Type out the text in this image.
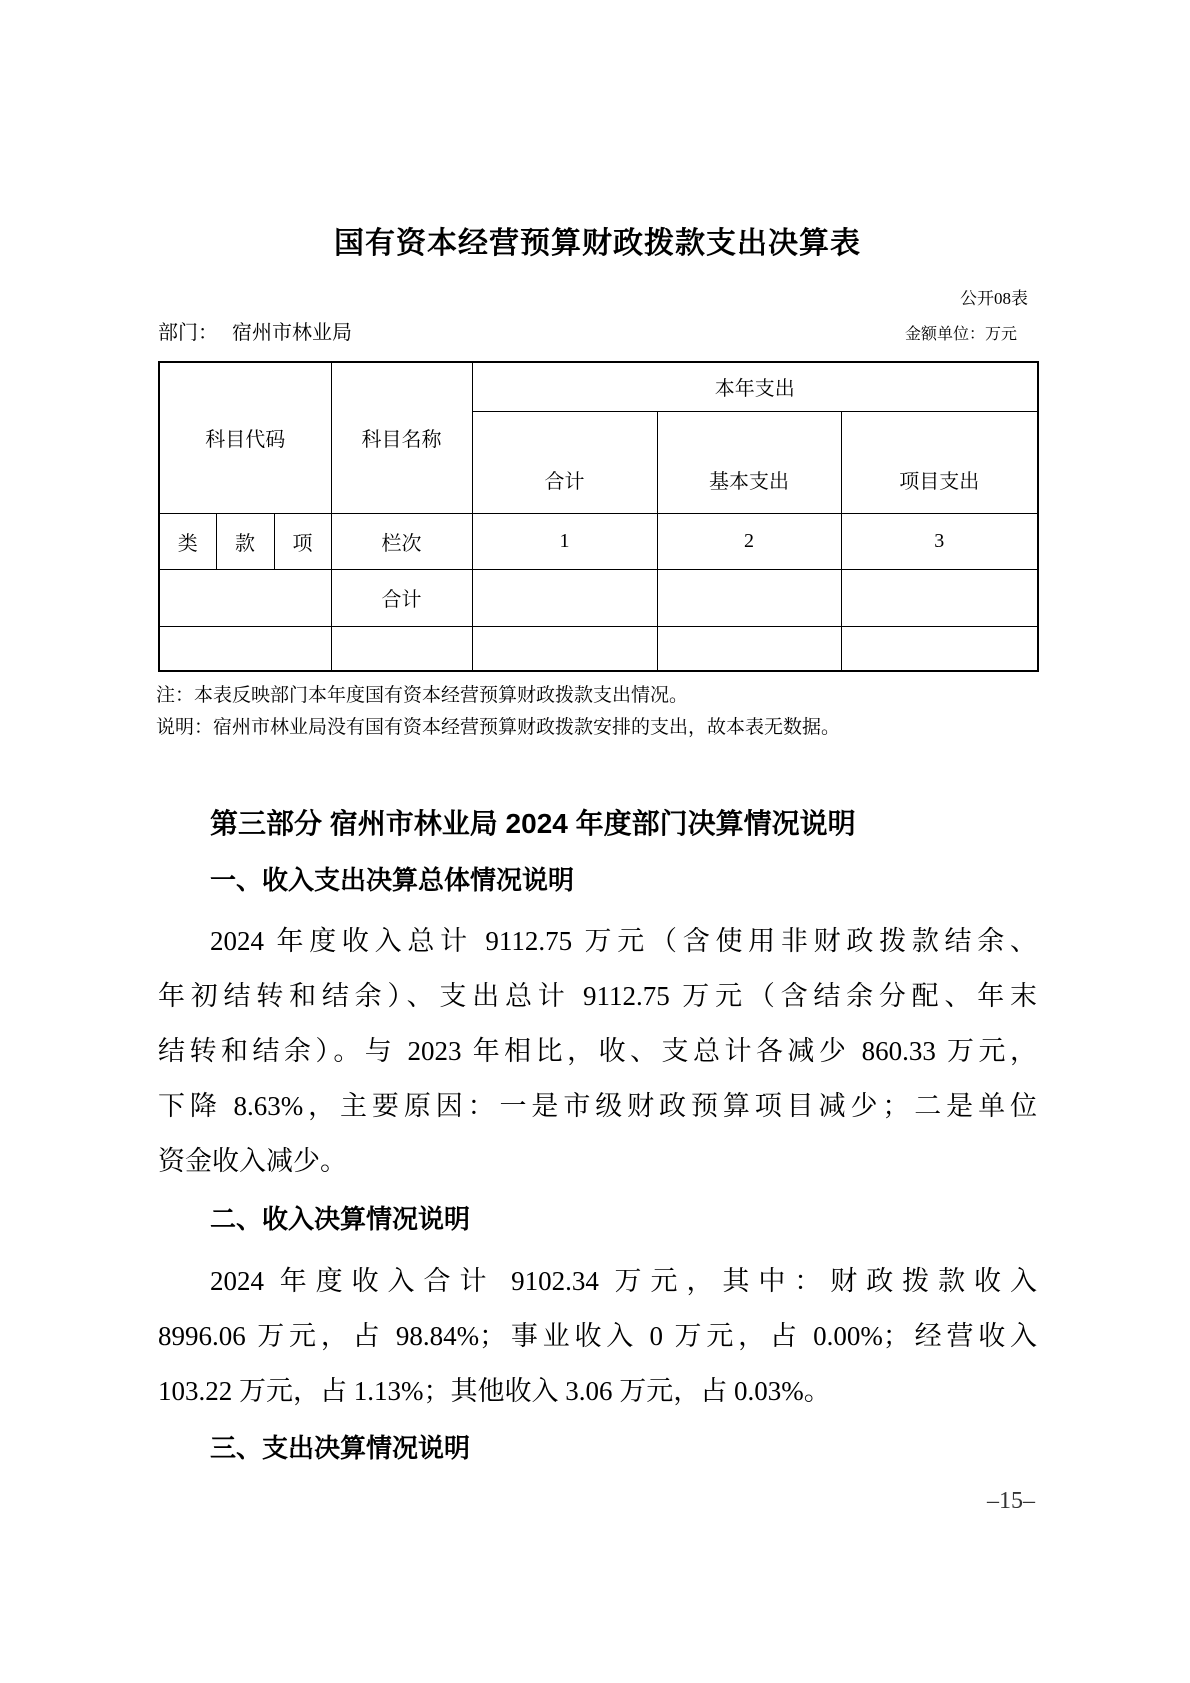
国有资本经营预算财政拨款支出决算表
公开08表
部门： 宿州市林业局	金额单位：万元
科目代码			科目名称	本年支出		
				合计	基本支出	项目支出
类	款	项	栏次	1	2	3
			合计			

注：本表反映部门本年度国有资本经营预算财政拨款支出情况。
说明：宿州市林业局没有国有资本经营预算财政拨款安排的支出，故本表无数据。
第三部分 宿州市林业局 2024 年度部门决算情况说明
一、收入支出决算总体情况说明
2024 年度收入总计 9112.75 万元（含使用非财政拨款结余、
年初结转和结余）、支出总计 9112.75 万元（含结余分配、年末
结转和结余）。与 2023 年相比，收、支总计各减少 860.33 万元，
下降 8.63%，主要原因：一是市级财政预算项目减少；二是单位
资金收入减少。
二、收入决算情况说明
2024 年度收入合计 9102.34 万元，其中：财政拨款收入
8996.06 万元，占 98.84%；事业收入 0 万元，占 0.00%；经营收入
103.22 万元，占 1.13%；其他收入 3.06 万元，占 0.03%。
三、支出决算情况说明
–15–
